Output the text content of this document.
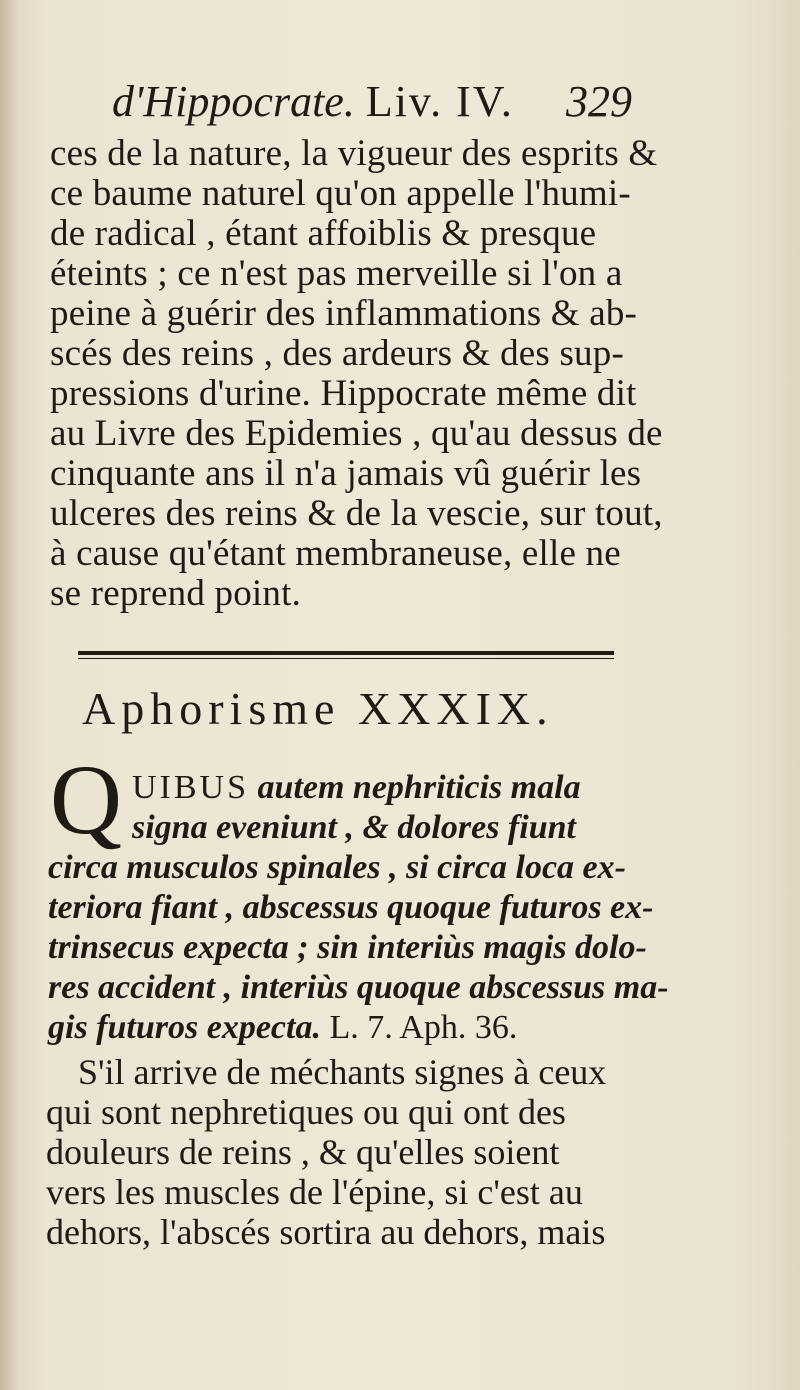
d'Hippocrate. Liv. IV. 329
ces de la nature, la vigueur des esprits &
ce baume naturel qu'on appelle l'humi-
de radical , étant affoiblis & presque
éteints ; ce n'est pas merveille si l'on a
peine à guérir des inflammations & ab-
scés des reins , des ardeurs & des sup-
pressions d'urine. Hippocrate même dit
au Livre des Epidemies , qu'au dessus de
cinquante ans il n'a jamais vû guérir les
ulceres des reins & de la vescie, sur tout,
à cause qu'étant membraneuse, elle ne
se reprend point.
Aphorisme XXXIX.
Q UIBUS autem nephriticis mala
signa eveniunt , & dolores fiunt
circa musculos spinales , si circa loca ex-
teriora fiant , abscessus quoque futuros ex-
trinsecus expecta ; sin interiùs magis dolo-
res accident , interiùs quoque abscessus ma-
gis futuros expecta. L. 7. Aph. 36.
S'il arrive de méchants signes à ceux
qui sont nephretiques ou qui ont des
douleurs de reins , & qu'elles soient
vers les muscles de l'épine, si c'est au
dehors, l'abscés sortira au dehors, mais
